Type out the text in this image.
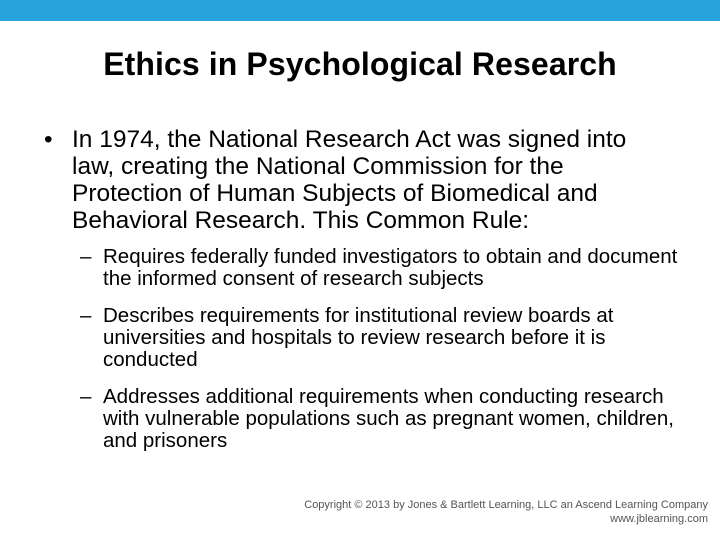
Ethics in Psychological Research
• In 1974, the National Research Act was signed into law, creating the National Commission for the Protection of Human Subjects of Biomedical and Behavioral Research. This Common Rule:
– Requires federally funded investigators to obtain and document the informed consent of research subjects
– Describes requirements for institutional review boards at universities and hospitals to review research before it is conducted
– Addresses additional requirements when conducting research with vulnerable populations such as pregnant women, children, and prisoners
Copyright © 2013 by Jones & Bartlett Learning, LLC an Ascend Learning Company
www.jblearning.com
